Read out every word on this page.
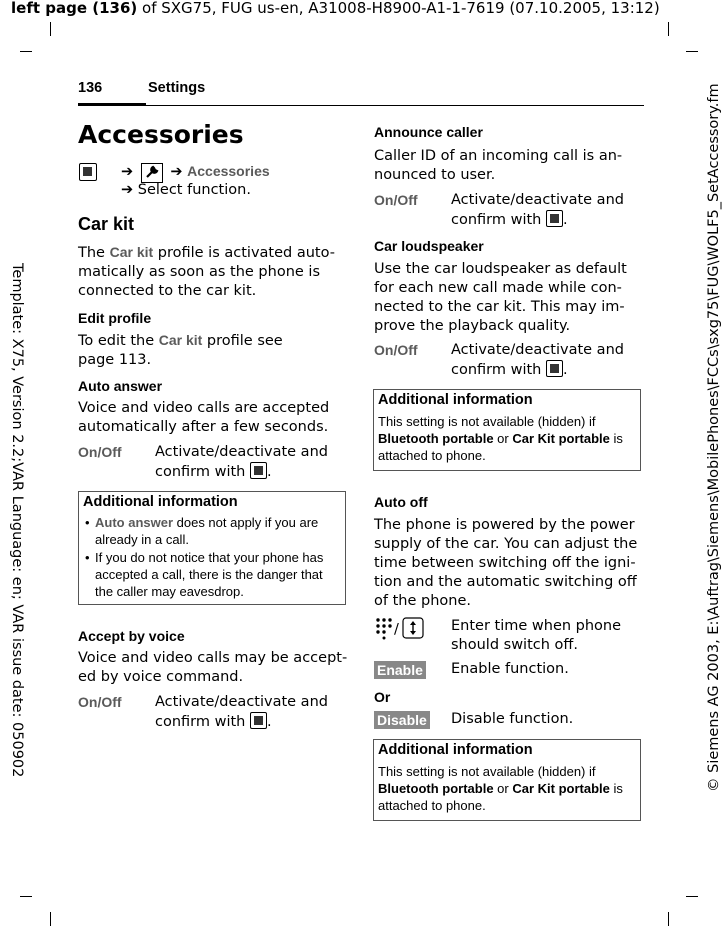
left page (136) of SXG75, FUG us-en, A31008-H8900-A1-1-7619 (07.10.2005, 13:12)
Template: X75, Version 2.2;VAR Language: en; VAR issue date: 050902	© Siemens AG 2003, E:\Auftrag\Siemens\MobilePhones\FCCs\sxg75\FUG\WOLF5_SetAccessory.fm
136	Settings
Accessories
➔	➔ Accessories
➔ Select function.
Car kit
The Car kit profile is activated auto-
matically as soon as the phone is
connected to the car kit.
Edit profile
To edit the Car kit profile see
page 113.
Auto answer
Voice and video calls are accepted
automatically after a few seconds.
On/Off Activate/deactivate and
confirm with .
Additional information
• Auto answer does not apply if you are
already in a call.
• If you do not notice that your phone has
accepted a call, there is the danger that
the caller may eavesdrop.
Accept by voice
Voice and video calls may be accept-
ed by voice command.
On/Off Activate/deactivate and
confirm with .
Announce caller
Caller ID of an incoming call is an-
nounced to user.
On/Off Activate/deactivate and
confirm with .
Car loudspeaker
Use the car loudspeaker as default
for each new call made while con-
nected to the car kit. This may im-
prove the playback quality.
On/Off Activate/deactivate and
confirm with .
Additional information
This setting is not available (hidden) if
Bluetooth portable or Car Kit portable is
attached to phone.
Auto off
The phone is powered by the power
supply of the car. You can adjust the
time between switching off the igni-
tion and the automatic switching off
of the phone.
/	Enter time when phone
should switch off.
Enable Enable function.
Or
Disable Disable function.
Additional information
This setting is not available (hidden) if
Bluetooth portable or Car Kit portable is
attached to phone.
